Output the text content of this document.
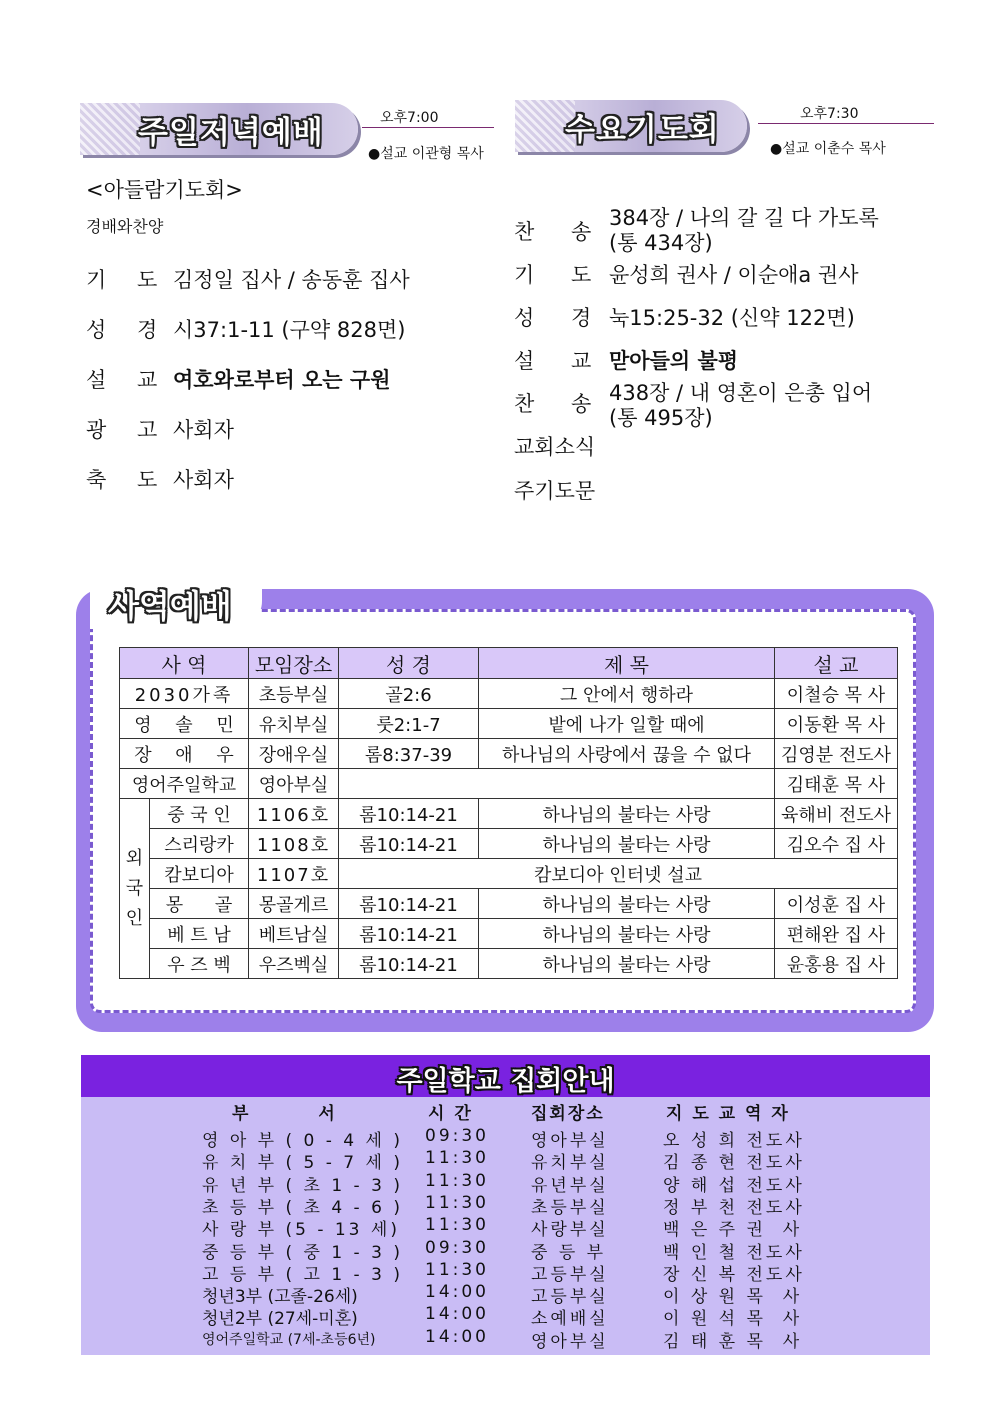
주일저녁예배	오후7:00
●설교 이관형 목사
<아들람기도회>
경배와찬양
기 도 김정일 집사 / 송동훈 집사
성 경 시37:1-11 (구약 828면)
설 교 여호와로부터 오는 구원
광 고 사회자
축 도 사회자
수요기도회	오후7:30
●설교 이춘수 목사
찬 송
384장 / 나의 갈 길 다 가도록
(통 434장)
기 도 윤성희 권사 / 이순애a 권사
성 경 눅15:25-32 (신약 122면)
설 교 맏아들의 불평
찬 송 438장 / 내 영혼이 은총 입어
(통 495장)
교회소식
주기도문
사역예배
사 역		모임장소	성 경	제 목	설 교
2030가족		초등부실	골2:6	그 안에서 행하라	이철승 목 사
영 솔 민		유치부실	룻2:1-7	밭에 나가 일할 때에	이동환 목 사
장 애 우		장애우실	롬8:37-39	하나님의 사랑에서 끊을 수 없다	김영분 전도사
영어주일학교		영아부실			김태훈 목 사
외국인	중 국 인	1106호	롬10:14-21	하나님의 불타는 사랑	육해비 전도사
	스리랑카	1108호	롬10:14-21	하나님의 불타는 사랑	김오수 집 사
	캄보디아	1107호	캄보디아 인터넷 설교		
	몽 골	몽골게르	롬10:14-21	하나님의 불타는 사랑	이성훈 집 사
	베 트 남	베트남실	롬10:14-21	하나님의 불타는 사랑	편해완 집 사
	우 즈 벡	우즈벡실	롬10:14-21	하나님의 불타는 사랑	윤홍용 집 사
주일학교 집회안내
부 서	시 간	집회장소	지 도 교 역 자
영 아 부 ( 0 - 4 세 ) 09:30 영아부실	오 성 희 전도사
유 치 부 ( 5 - 7 세 ) 11:30 유치부실	김 종 현 전도사
유 년 부 ( 초 1 - 3 ) 11:30 유년부실	양 해 섭 전도사
초 등 부 ( 초 4 - 6 ) 11:30 초등부실	정 부 천 전도사
사 랑 부 (5 - 13 세) 11:30 사랑부실	백 은 주 권  사
중 등 부 ( 중 1 - 3 ) 09:30 중 등 부	백 인 철 전도사
고 등 부 ( 고 1 - 3 ) 11:30 고등부실	장 신 복 전도사
청년3부 (고졸-26세)	14:00 고등부실	이 상 원 목  사
청년2부 (27세-미혼)	14:00 소예배실	이 원 석 목  사
영어주일학교 (7세-초등6년)	14:00 영아부실	김 태 훈 목  사
